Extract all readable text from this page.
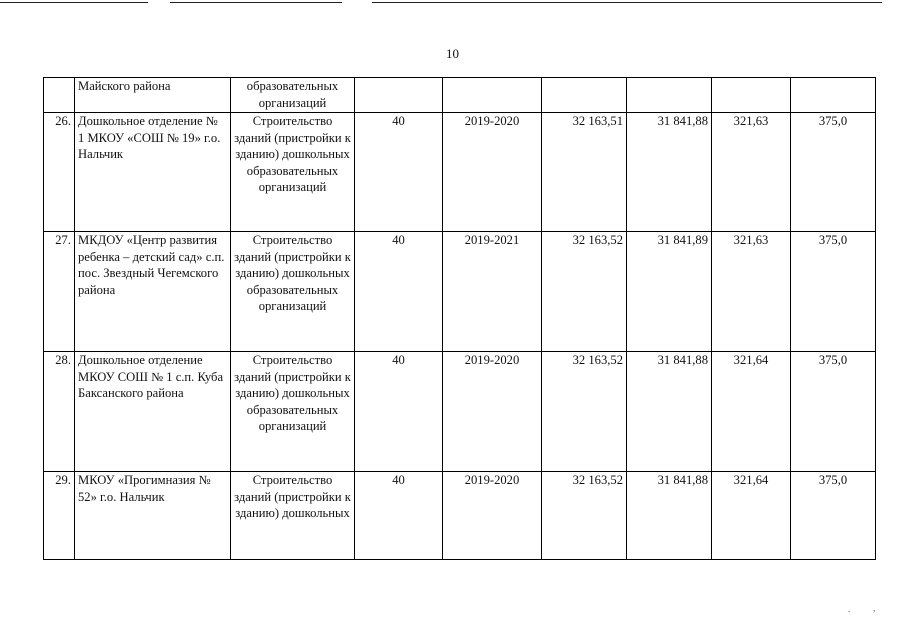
10
	Майского района	образовательных организаций						
26.	Дошкольное отделение № 1 МКОУ «СОШ № 19» г.о. Нальчик	Строительство зданий (пристройки к зданию) дошкольных образовательных организаций	40	2019-2020	32 163,51	31 841,88	321,63	375,0
27.	МКДОУ «Центр развития ребенка – детский сад» с.п. пос. Звездный Чегемского района	Строительство зданий (пристройки к зданию) дошкольных образовательных организаций	40	2019-2021	32 163,52	31 841,89	321,63	375,0
28.	Дошкольное отделение МКОУ СОШ № 1 с.п. Куба Баксанского района	Строительство зданий (пристройки к зданию) дошкольных образовательных организаций	40	2019-2020	32 163,52	31 841,88	321,64	375,0
29.	МКОУ «Прогимназия № 52» г.о. Нальчик	Строительство зданий (пристройки к зданию) дошкольных	40	2019-2020	32 163,52	31 841,88	321,64	375,0
.	,
